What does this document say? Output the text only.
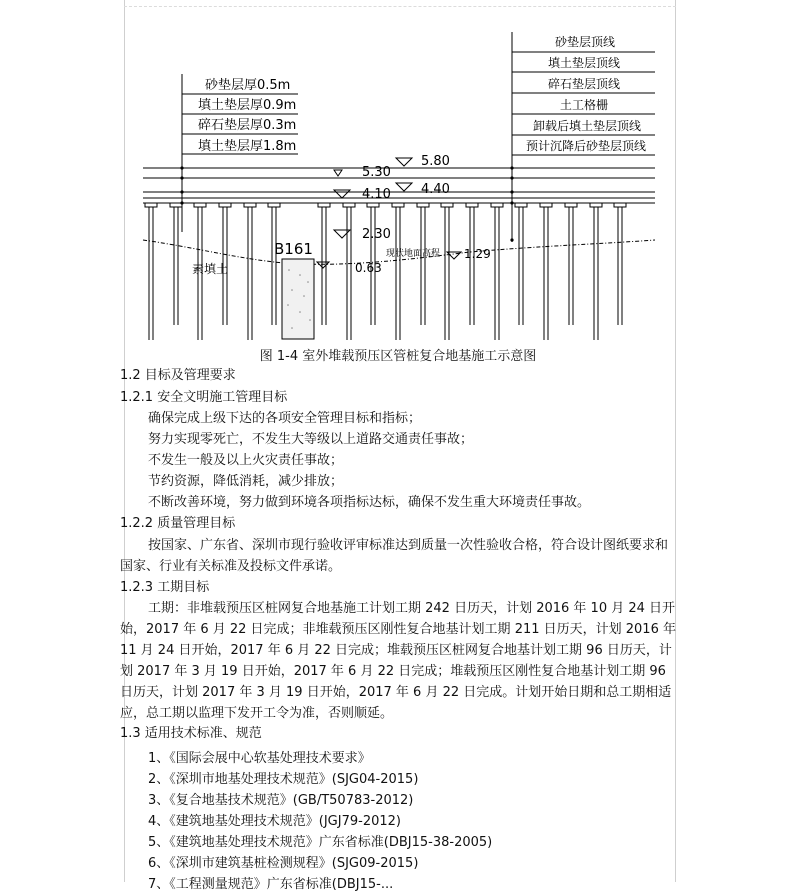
砂垫层厚0.5m
填土垫层厚0.9m
碎石垫层厚0.3m
填土垫层厚1.8m
砂垫层顶线
填土垫层顶线
碎石垫层顶线
土工格栅
卸载后填土垫层顶线
预计沉降后砂垫层顶线
5.30
5.80
4.10 4.40
2.30
0.63
1.29
现状地面高程
B161
素填土
图 1-4 室外堆载预压区管桩复合地基施工示意图
1.2 目标及管理要求
1.2.1 安全文明施工管理目标
确保完成上级下达的各项安全管理目标和指标；
努力实现零死亡，不发生大等级以上道路交通责任事故；
不发生一般及以上火灾责任事故；
节约资源，降低消耗，减少排放；
不断改善环境，努力做到环境各项指标达标，确保不发生重大环境责任事故。
1.2.2 质量管理目标
按国家、广东省、深圳市现行验收评审标准达到质量一次性验收合格，符合设计图纸要求和国家、行业有关标准及投标文件承诺。
1.2.3 工期目标
工期：非堆载预压区桩网复合地基施工计划工期 242 日历天，计划 2016 年 10 月 24 日开始，2017 年 6 月 22 日完成；非堆载预压区刚性复合地基计划工期 211 日历天，计划 2016 年 11 月 24 日开始，2017 年 6 月 22 日完成；堆载预压区桩网复合地基计划工期 96 日历天，计划 2017 年 3 月 19 日开始，2017 年 6 月 22 日完成；堆载预压区刚性复合地基计划工期 96 日历天，计划 2017 年 3 月 19 日开始，2017 年 6 月 22 日完成。计划开始日期和总工期相适应，总工期以监理下发开工令为准，否则顺延。
1.3 适用技术标准、规范
1、《国际会展中心软基处理技术要求》
2、《深圳市地基处理技术规范》(SJG04-2015)
3、《复合地基技术规范》(GB/T50783-2012)
4、《建筑地基处理技术规范》(JGJ79-2012)
5、《建筑地基处理技术规范》广东省标准(DBJ15-38-2005)
6、《深圳市建筑基桩检测规程》(SJG09-2015)
7、《工程测量规范》广东省标准(DBJ15-...
